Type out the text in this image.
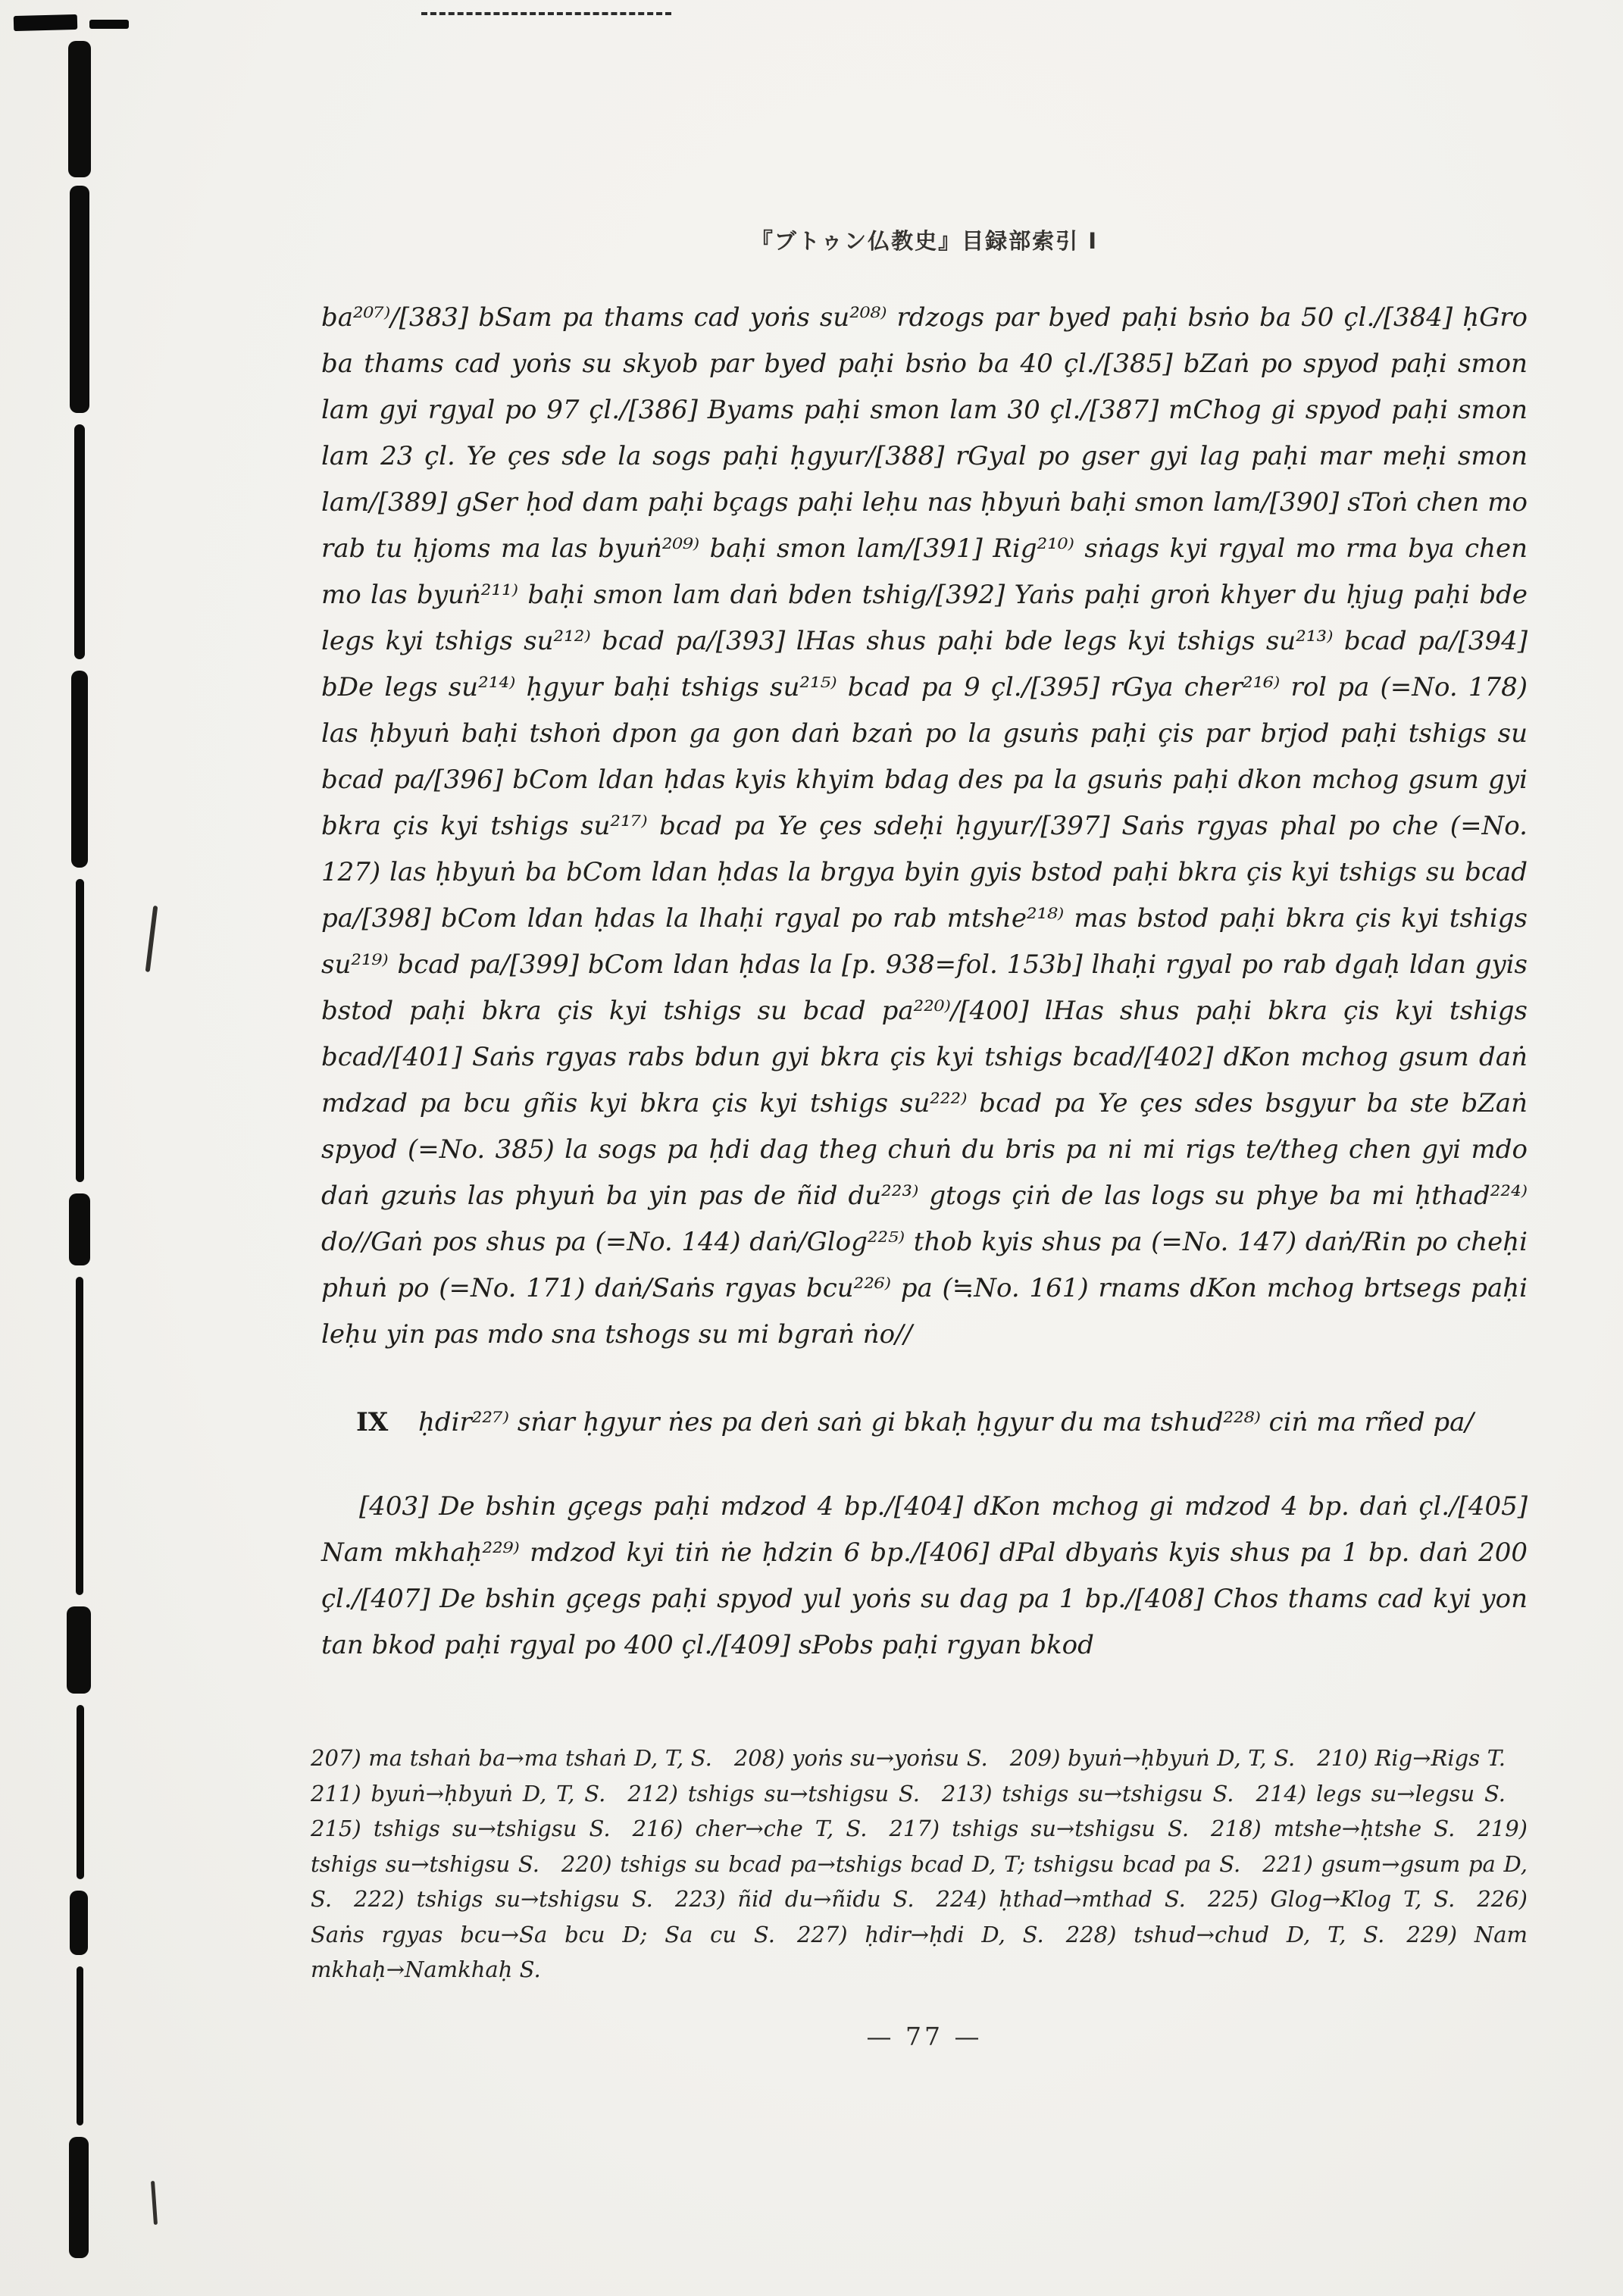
『ブトゥン仏教史』目録部索引 I
ba²⁰⁷⁾/[383] bSam pa thams cad yoṅs su²⁰⁸⁾ rdzogs par byed paḥi bsṅo ba 50 çl./[384] ḥGro ba thams cad yoṅs su skyob par byed paḥi bsṅo ba 40 çl./[385] bZaṅ po spyod paḥi smon lam gyi rgyal po 97 çl./[386] Byams paḥi smon lam 30 çl./[387] mChog gi spyod paḥi smon lam 23 çl. Ye çes sde la sogs paḥi ḥgyur/[388] rGyal po gser gyi lag paḥi mar meḥi smon lam/[389] gSer ḥod dam paḥi bçags paḥi leḥu nas ḥbyuṅ baḥi smon lam/[390] sToṅ chen mo rab tu ḥjoms ma las byuṅ²⁰⁹⁾ baḥi smon lam/[391] Rig²¹⁰⁾ sṅags kyi rgyal mo rma bya chen mo las byuṅ²¹¹⁾ baḥi smon lam daṅ bden tshig/[392] Yaṅs paḥi groṅ khyer du ḥjug paḥi bde legs kyi tshigs su²¹²⁾ bcad pa/[393] lHas shus paḥi bde legs kyi tshigs su²¹³⁾ bcad pa/[394] bDe legs su²¹⁴⁾ ḥgyur baḥi tshigs su²¹⁵⁾ bcad pa 9 çl./[395] rGya cher²¹⁶⁾ rol pa (=No. 178) las ḥbyuṅ baḥi tshoṅ dpon ga gon daṅ bzaṅ po la gsuṅs paḥi çis par brjod paḥi tshigs su bcad pa/[396] bCom ldan ḥdas kyis khyim bdag des pa la gsuṅs paḥi dkon mchog gsum gyi bkra çis kyi tshigs su²¹⁷⁾ bcad pa Ye çes sdeḥi ḥgyur/[397] Saṅs rgyas phal po che (=No. 127) las ḥbyuṅ ba bCom ldan ḥdas la brgya byin gyis bstod paḥi bkra çis kyi tshigs su bcad pa/[398] bCom ldan ḥdas la lhaḥi rgyal po rab mtshe²¹⁸⁾ mas bstod paḥi bkra çis kyi tshigs su²¹⁹⁾ bcad pa/[399] bCom ldan ḥdas la [p. 938=fol. 153b] lhaḥi rgyal po rab dgaḥ ldan gyis bstod paḥi bkra çis kyi tshigs su bcad pa²²⁰⁾/[400] lHas shus paḥi bkra çis kyi tshigs bcad/[401] Saṅs rgyas rabs bdun gyi bkra çis kyi tshigs bcad/[402] dKon mchog gsum daṅ mdzad pa bcu gñis kyi bkra çis kyi tshigs su²²²⁾ bcad pa Ye çes sdes bsgyur ba ste bZaṅ spyod (=No. 385) la sogs pa ḥdi dag theg chuṅ du bris pa ni mi rigs te/theg chen gyi mdo daṅ gzuṅs las phyuṅ ba yin pas de ñid du²²³⁾ gtogs çiṅ de las logs su phye ba mi ḥthad²²⁴⁾ do//Gaṅ pos shus pa (=No. 144) daṅ/Glog²²⁵⁾ thob kyis shus pa (=No. 147) daṅ/Rin po cheḥi phuṅ po (=No. 171) daṅ/Saṅs rgyas bcu²²⁶⁾ pa (≒No. 161) rnams dKon mchog brtsegs paḥi leḥu yin pas mdo sna tshogs su mi bgraṅ ṅo//
IX ḥdir²²⁷⁾ sṅar ḥgyur ṅes pa deṅ saṅ gi bkaḥ ḥgyur du ma tshud²²⁸⁾ ciṅ ma rñed pa/
[403] De bshin gçegs paḥi mdzod 4 bp./[404] dKon mchog gi mdzod 4 bp. daṅ çl./[405] Nam mkhaḥ²²⁹⁾ mdzod kyi tiṅ ṅe ḥdzin 6 bp./[406] dPal dbyaṅs kyis shus pa 1 bp. daṅ 200 çl./[407] De bshin gçegs paḥi spyod yul yoṅs su dag pa 1 bp./[408] Chos thams cad kyi yon tan bkod paḥi rgyal po 400 çl./[409] sPobs paḥi rgyan bkod
207) ma tshaṅ ba→ma tshaṅ D, T, S. 208) yoṅs su→yoṅsu S. 209) byuṅ→ḥbyuṅ D, T, S. 210) Rig→Rigs T. 211) byuṅ→ḥbyuṅ D, T, S. 212) tshigs su→tshigsu S. 213) tshigs su→tshigsu S. 214) legs su→legsu S. 215) tshigs su→tshigsu S. 216) cher→che T, S. 217) tshigs su→tshigsu S. 218) mtshe→ḥtshe S. 219) tshigs su→tshigsu S. 220) tshigs su bcad pa→tshigs bcad D, T; tshigsu bcad pa S. 221) gsum→gsum pa D, S. 222) tshigs su→tshigsu S. 223) ñid du→ñidu S. 224) ḥthad→mthad S. 225) Glog→Klog T, S. 226) Saṅs rgyas bcu→Sa bcu D; Sa cu S. 227) ḥdir→ḥdi D, S. 228) tshud→chud D, T, S. 229) Nam mkhaḥ→Namkhaḥ S.
— 77 —
